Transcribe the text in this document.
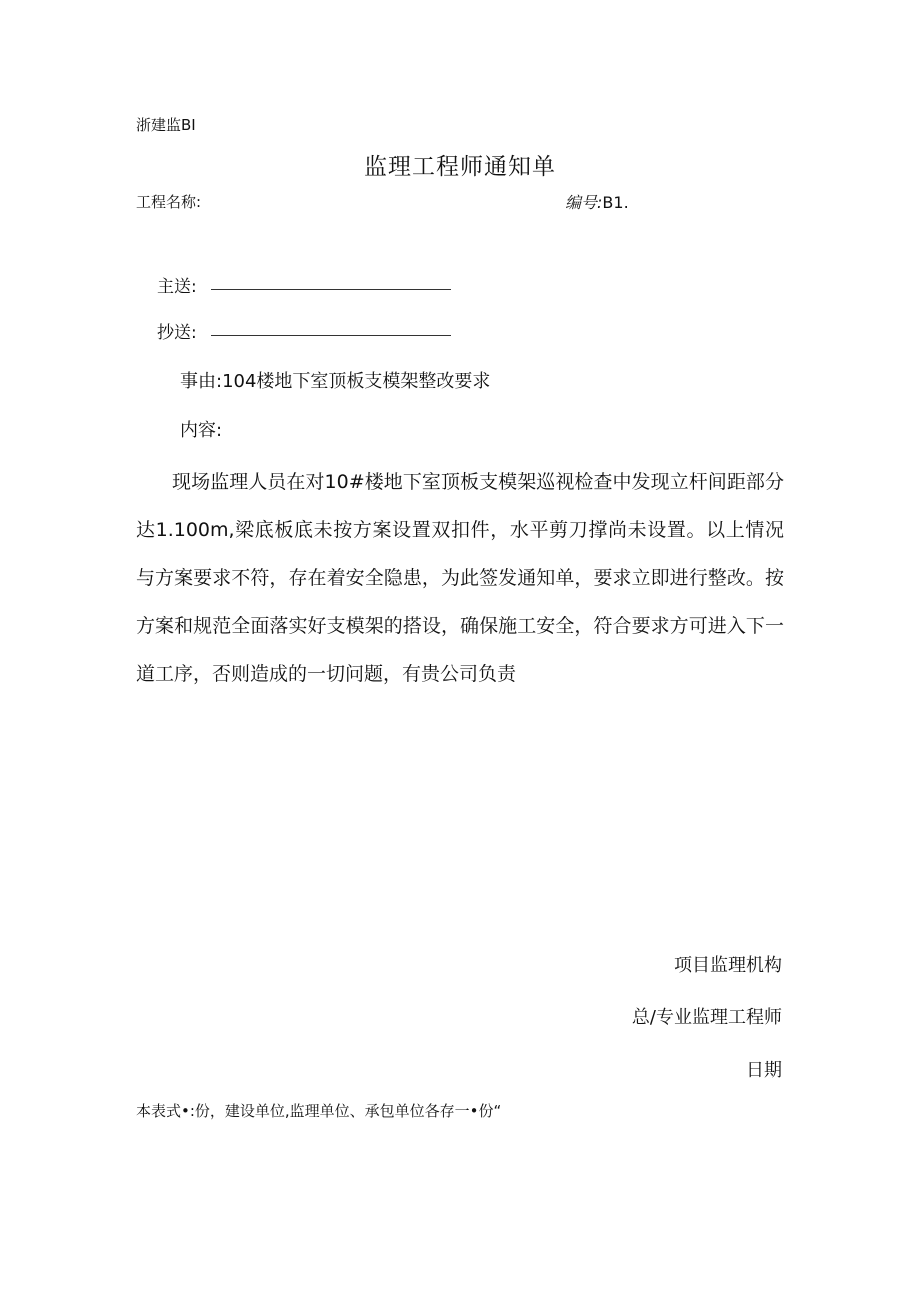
浙建监BI
监理工程师通知单
工程名称:	编号:B1.
主送:
抄送:
事由:104楼地下室顶板支模架整改要求
内容:
现场监理人员在对10#楼地下室顶板支模架巡视检查中发现立杆间距部分达1.100m,梁底板底未按方案设置双扣件，水平剪刀撑尚未设置。以上情况与方案要求不符，存在着安全隐患，为此签发通知单，要求立即进行整改。按方案和规范全面落实好支模架的搭设，确保施工安全，符合要求方可进入下一道工序，否则造成的一切问题，有贵公司负责
项目监理机构
总/专业监理工程师
日期
本表式•:份，建设单位,监理单位、承包单位各存一•份“
